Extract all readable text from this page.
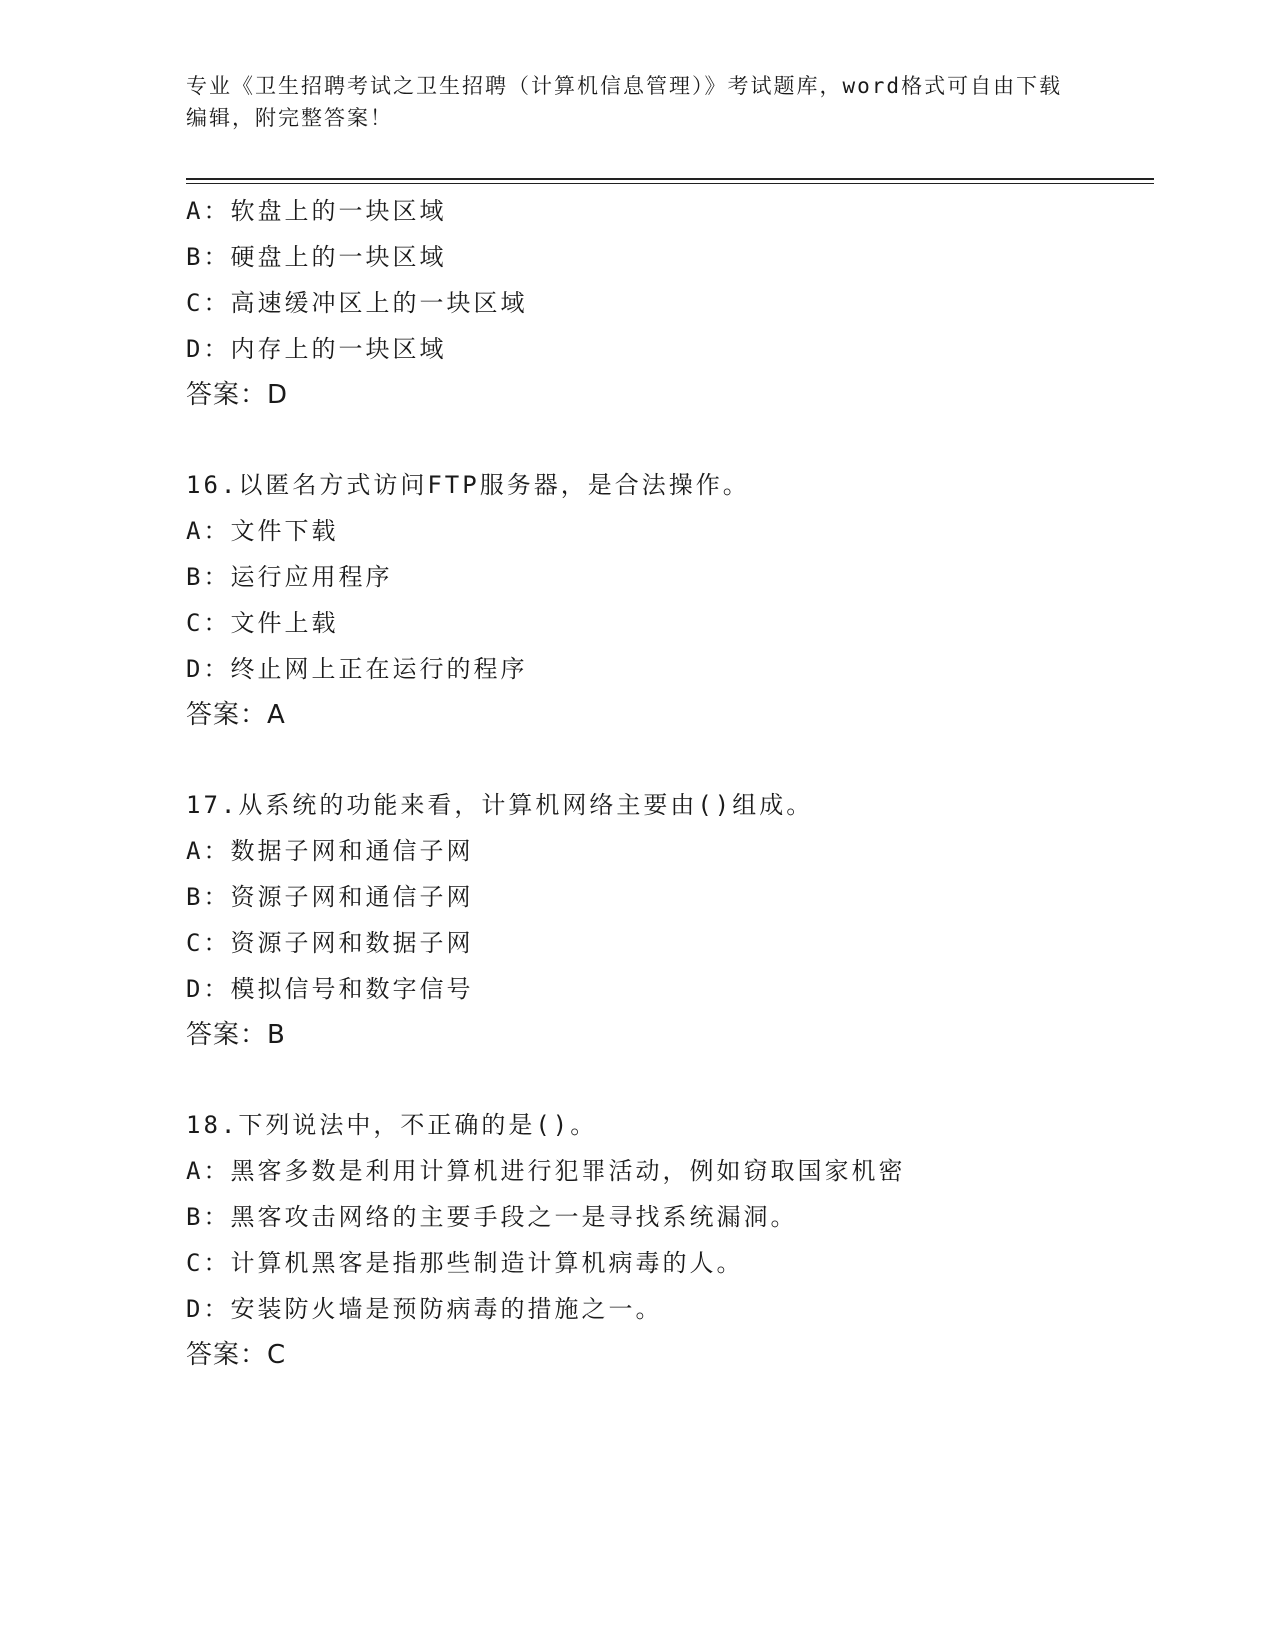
专业《卫生招聘考试之卫生招聘（计算机信息管理）》考试题库，word格式可自由下载编辑，附完整答案！
A：软盘上的一块区域
B：硬盘上的一块区域
C：高速缓冲区上的一块区域
D：内存上的一块区域
答案：D
16.以匿名方式访问FTP服务器，是合法操作。
A：文件下载
B：运行应用程序
C：文件上载
D：终止网上正在运行的程序
答案：A
17.从系统的功能来看，计算机网络主要由()组成。
A：数据子网和通信子网
B：资源子网和通信子网
C：资源子网和数据子网
D：模拟信号和数字信号
答案：B
18.下列说法中，不正确的是()。
A：黑客多数是利用计算机进行犯罪活动，例如窃取国家机密
B：黑客攻击网络的主要手段之一是寻找系统漏洞。
C：计算机黑客是指那些制造计算机病毒的人。
D：安装防火墙是预防病毒的措施之一。
答案：C
